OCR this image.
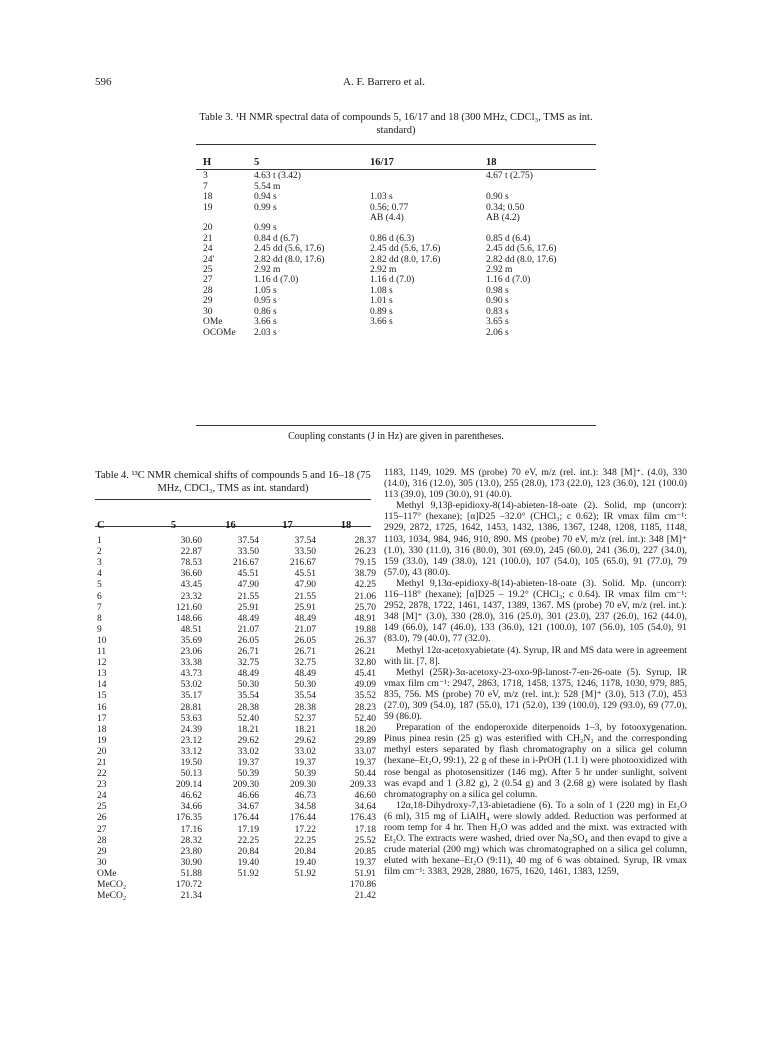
596	A. F. Barrero et al.
Table 3. ¹H NMR spectral data of compounds 5, 16/17 and 18 (300 MHz, CDCl₃, TMS as int. standard)
H	5	16/17	18
3	4.63 t (3.42)		4.67 t (2.75)
7	5.54 m		
18	0.94 s	1.03 s	0.90 s
19	0.99 s	0.56; 0.77	0.34; 0.50
		AB (4.4)	AB (4.2)
20	0.99 s		
21	0.84 d (6.7)	0.86 d (6.3)	0.85 d (6.4)
24	2.45 dd (5.6, 17.6)	2.45 dd (5.6, 17.6)	2.45 dd (5.6, 17.6)
24'	2.82 dd (8.0, 17.6)	2.82 dd (8.0, 17.6)	2.82 dd (8.0, 17.6)
25	2.92 m	2.92 m	2.92 m
27	1.16 d (7.0)	1.16 d (7.0)	1.16 d (7.0)
28	1.05 s	1.08 s	0.98 s
29	0.95 s	1.01 s	0.90 s
30	0.86 s	0.89 s	0.83 s
OMe	3.66 s	3.66 s	3.65 s
OCOMe	2.03 s		2.06 s
Coupling constants (J in Hz) are given in parentheses.
Table 4. ¹³C NMR chemical shifts of compounds 5 and 16–18 (75 MHz, CDCl₃, TMS as int. standard)
C	5	16	17	18
1	30.60	37.54	37.54	28.37
2	22.87	33.50	33.50	26.23
3	78.53	216.67	216.67	79.15
4	36.60	45.51	45.51	38.79
5	43.45	47.90	47.90	42.25
6	23.32	21.55	21.55	21.06
7	121.60	25.91	25.91	25.70
8	148.66	48.49	48.49	48.91
9	48.51	21.07	21.07	19.88
10	35.69	26.05	26.05	26.37
11	23.06	26.71	26.71	26.21
12	33.38	32.75	32.75	32.80
13	43.73	48.49	48.49	45.41
14	53.02	50.30	50.30	49.09
15	35.17	35.54	35.54	35.52
16	28.81	28.38	28.38	28.23
17	53.63	52.40	52.37	52.40
18	24.39	18.21	18.21	18.20
19	23.12	29.62	29.62	29.89
20	33.12	33.02	33.02	33.07
21	19.50	19.37	19.37	19.37
22	50.13	50.39	50.39	50.44
23	209.14	209.30	209.30	209.33
24	46.62	46.66	46.73	46.60
25	34.66	34.67	34.58	34.64
26	176.35	176.44	176.44	176.43
27	17.16	17.19	17.22	17.18
28	28.32	22.25	22.25	25.52
29	23.80	20.84	20.84	20.85
30	30.90	19.40	19.40	19.37
OMe	51.88	51.92	51.92	51.91
MeCO₂	170.72			170.86
MeCO₂	21.34			21.42

1183, 1149, 1029. MS (probe) 70 eV, m/z (rel. int.): 348 [M]⁺. (4.0), 330 (14.0), 316 (12.0), 305 (13.0), 255 (28.0), 173 (22.0), 123 (36.0), 121 (100.0) 113 (39.0), 109 (30.0), 91 (40.0).

Methyl 9,13β-epidioxy-8(14)-abieten-18-oate (2). Solid, mp (uncorr): 115–117° (hexane); [α]D25 –32.0° (CHCl₃; c 0.62); IR νmax film cm⁻¹: 2929, 2872, 1725, 1642, 1453, 1432, 1386, 1367, 1248, 1208, 1185, 1148, 1103, 1034, 984, 946, 910, 890. MS (probe) 70 eV, m/z (rel. int.): 348 [M]⁺ (1.0), 330 (11.0), 316 (80.0), 301 (69.0), 245 (60.0), 241 (36.0), 227 (34.0), 159 (33.0), 149 (38.0), 121 (100.0), 107 (54.0), 105 (65.0), 91 (77.0), 79 (57.0), 43 (80.0).

Methyl 9,13α-epidioxy-8(14)-abieten-18-oate (3). Solid. Mp. (uncorr): 116–118° (hexane); [α]D25 – 19.2° (CHCl₃; c 0.64). IR νmax film cm⁻¹: 2952, 2878, 1722, 1461, 1437, 1389, 1367. MS (probe) 70 eV, m/z (rel. int.): 348 [M]⁺ (3.0), 330 (28.0), 316 (25.0), 301 (23.0), 237 (26.0), 162 (44.0), 149 (66.0), 147 (46.0), 133 (36.0), 121 (100.0), 107 (56.0), 105 (54.0), 91 (83.0), 79 (40.0), 77 (32.0).

Methyl 12α-acetoxyabietate (4). Syrup, IR and MS data were in agreement with lit. [7, 8].

Methyl (25R)-3α-acetoxy-23-oxo-9β-lanost-7-en-26-oate (5). Syrup, IR νmax film cm⁻¹: 2947, 2863, 1718, 1458, 1375, 1246, 1178, 1030, 979, 885, 835, 756. MS (probe) 70 eV, m/z (rel. int.): 528 [M]⁺ (3.0), 513 (7.0), 453 (27.0), 309 (54.0), 187 (55.0), 171 (52.0), 139 (100.0), 129 (93.0), 69 (77.0), 59 (86.0).

Preparation of the endoperoxide diterpenoids 1–3, by fotooxygenation. Pinus pinea resin (25 g) was esterified with CH₂N₂ and the corresponding methyl esters separated by flash chromatography on a silica gel column (hexane–Et₂O, 99:1), 22 g of these in i-PrOH (1.1 l) were photooxidized with rose bengal as photosensitizer (146 mg). After 5 hr under sunlight, solvent was evapd and 1 (3.82 g), 2 (0.54 g) and 3 (2.68 g) were isolated by flash chromatography on a silica gel column.

12α,18-Dihydroxy-7,13-abietadiene (6). To a soln of 1 (220 mg) in Et₂O (6 ml), 315 mg of LiAlH₄ were slowly added. Reduction was performed at room temp for 4 hr. Then H₂O was added and the mixt. was extracted with Et₂O. The extracts were washed, dried over Na₂SO₄ and then evapd to give a crude material (200 mg) which was chromatographed on a silica gel column, eluted with hexane–Et₂O (9:11), 40 mg of 6 was obtained. Syrup, IR νmax film cm⁻¹: 3383, 2928, 2880, 1675, 1620, 1461, 1383, 1259,
